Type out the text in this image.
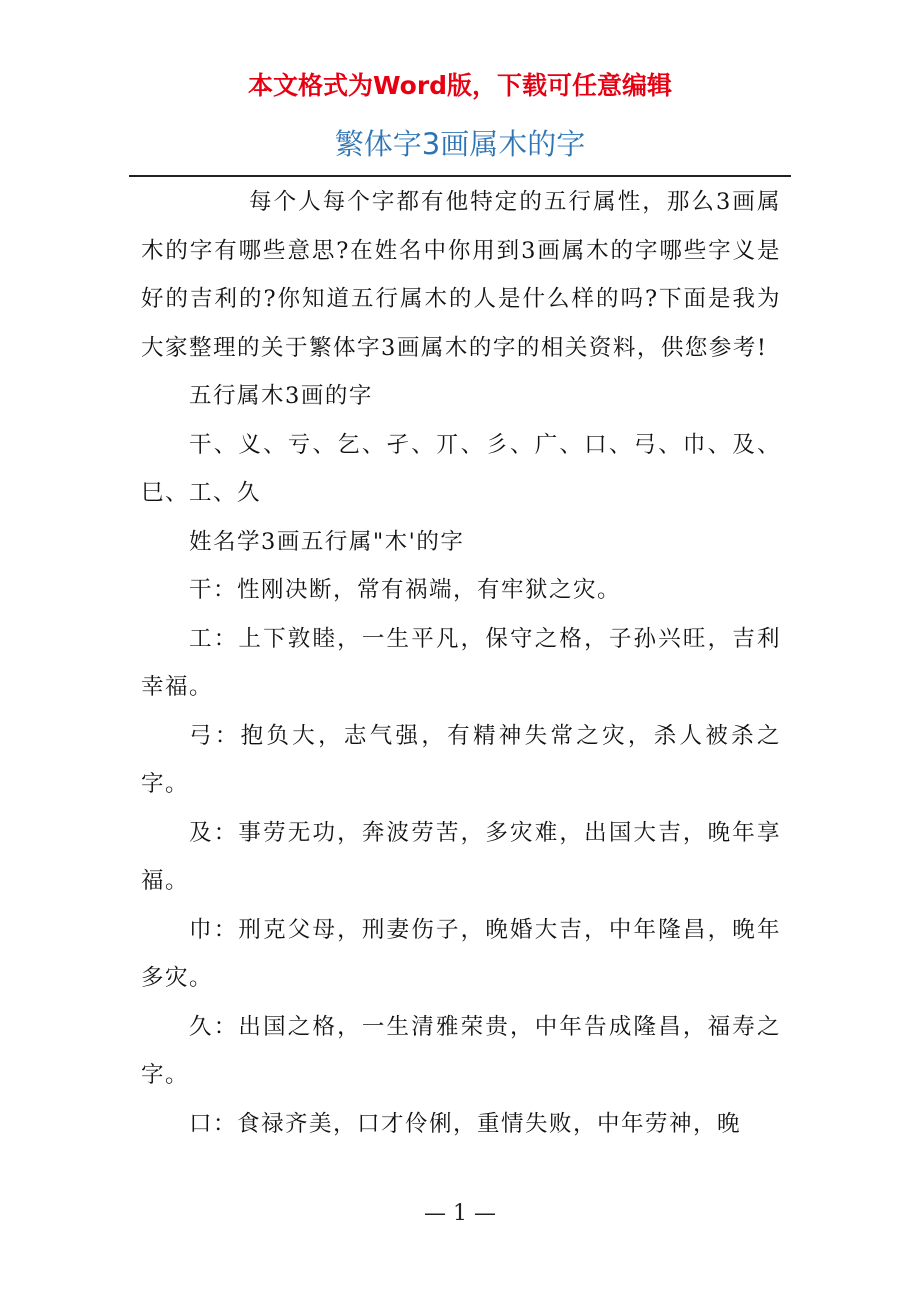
本文格式为Word版，下载可任意编辑
繁体字3画属木的字

每个人每个字都有他特定的五行属性，那么3画属木的字有哪些意思?在姓名中你用到3画属木的字哪些字义是好的吉利的?你知道五行属木的人是什么样的吗?下面是我为大家整理的关于繁体字3画属木的字的相关资料，供您参考!

五行属木3画的字

干、义、亏、乞、孑、丌、彡、广、口、弓、巾、及、巳、工、久

姓名学3画五行属"木'的字

干：性刚决断，常有祸端，有牢狱之灾。

工：上下敦睦，一生平凡，保守之格，子孙兴旺，吉利幸福。

弓：抱负大，志气强，有精神失常之灾，杀人被杀之字。

及：事劳无功，奔波劳苦，多灾难，出国大吉，晚年享福。

巾：刑克父母，刑妻伤子，晚婚大吉，中年隆昌，晚年多灾。

久：出国之格，一生清雅荣贵，中年告成隆昌，福寿之字。

口：食禄齐美，口才伶俐，重情失败，中年劳神，晚

— 1 —
